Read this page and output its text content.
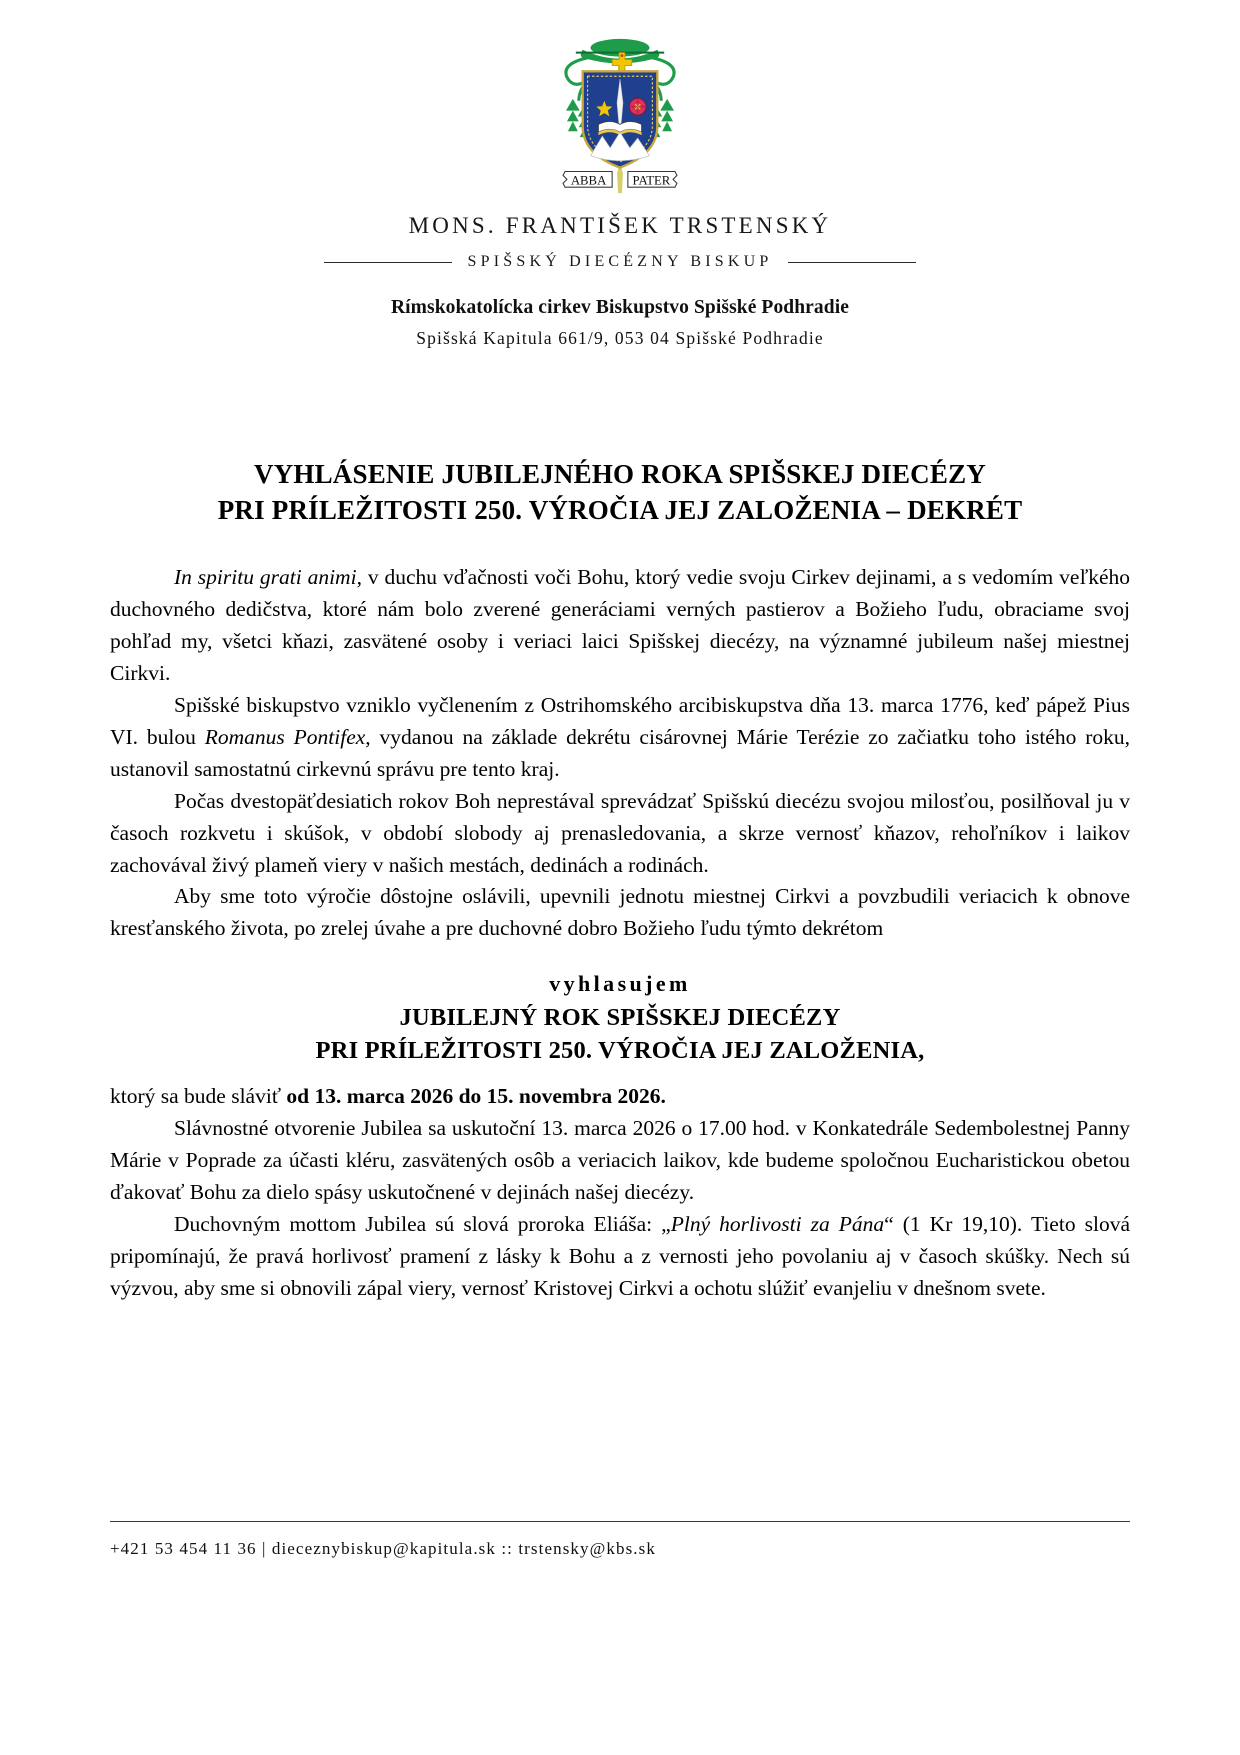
ABBA PATER
MONS. FRANTIŠEK TRSTENSKÝ
SPIŠSKÝ DIECÉZNY BISKUP
Rímskokatolícka cirkev Biskupstvo Spišské Podhradie
Spišská Kapitula 661/9, 053 04 Spišské Podhradie
VYHLÁSENIE JUBILEJNÉHO ROKA SPIŠSKEJ DIECÉZY
PRI PRÍLEŽITOSTI 250. VÝROČIA JEJ ZALOŽENIA – DEKRÉT

In spiritu grati animi, v duchu vďačnosti voči Bohu, ktorý vedie svoju Cirkev dejinami, a s vedomím veľkého duchovného dedičstva, ktoré nám bolo zverené generáciami verných pastierov a Božieho ľudu, obraciame svoj pohľad my, všetci kňazi, zasvätené osoby i veriaci laici Spišskej diecézy, na významné jubileum našej miestnej Cirkvi.

Spišské biskupstvo vzniklo vyčlenením z Ostrihomského arcibiskupstva dňa 13. marca 1776, keď pápež Pius VI. bulou Romanus Pontifex, vydanou na základe dekrétu cisárovnej Márie Terézie zo začiatku toho istého roku, ustanovil samostatnú cirkevnú správu pre tento kraj.

Počas dvestopäťdesiatich rokov Boh neprestával sprevádzať Spišskú diecézu svojou milosťou, posilňoval ju v časoch rozkvetu i skúšok, v období slobody aj prenasledovania, a skrze vernosť kňazov, rehoľníkov i laikov zachovával živý plameň viery v našich mestách, dedinách a rodinách.

Aby sme toto výročie dôstojne oslávili, upevnili jednotu miestnej Cirkvi a povzbudili veriacich k obnove kresťanského života, po zrelej úvahe a pre duchovné dobro Božieho ľudu týmto dekrétom

vyhlasujem
JUBILEJNÝ ROK SPIŠSKEJ DIECÉZY
PRI PRÍLEŽITOSTI 250. VÝROČIA JEJ ZALOŽENIA,

ktorý sa bude sláviť od 13. marca 2026 do 15. novembra 2026.

Slávnostné otvorenie Jubilea sa uskutoční 13. marca 2026 o 17.00 hod. v Konkatedrále Sedembolestnej Panny Márie v Poprade za účasti kléru, zasvätených osôb a veriacich laikov, kde budeme spoločnou Eucharistickou obetou ďakovať Bohu za dielo spásy uskutočnené v dejinách našej diecézy.

Duchovným mottom Jubilea sú slová proroka Eliáša: „Plný horlivosti za Pána“ (1 Kr 19,10). Tieto slová pripomínajú, že pravá horlivosť pramení z lásky k Bohu a z vernosti jeho povolaniu aj v časoch skúšky. Nech sú výzvou, aby sme si obnovili zápal viery, vernosť Kristovej Cirkvi a ochotu slúžiť evanjeliu v dnešnom svete.

+421 53 454 11 36 | dieceznybiskup@kapitula.sk :: trstensky@kbs.sk
